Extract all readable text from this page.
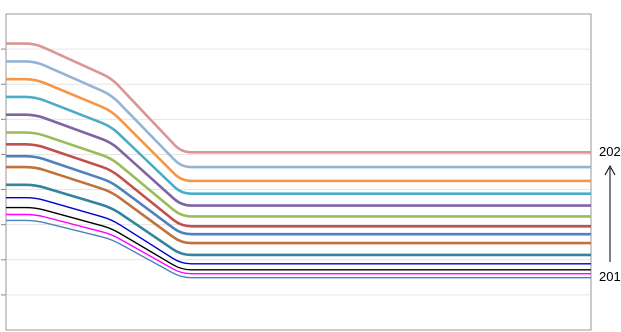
202
201
